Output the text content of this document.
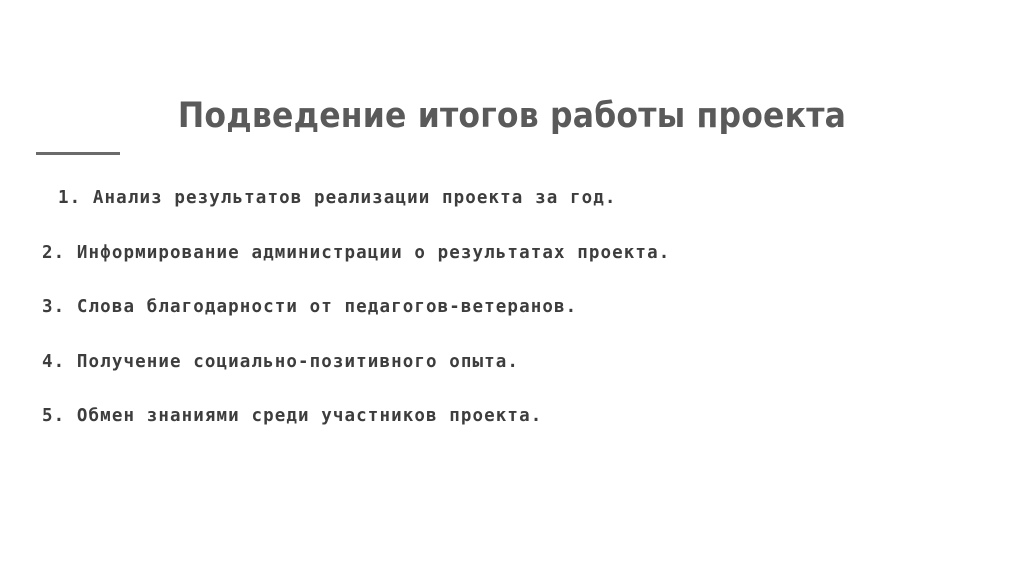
Подведение итогов работы проекта
1. Анализ результатов реализации проекта за год.
2. Информирование администрации о результатах проекта.
3. Слова благодарности от педагогов-ветеранов.
4. Получение социально-позитивного опыта.
5. Обмен знаниями среди участников проекта.
